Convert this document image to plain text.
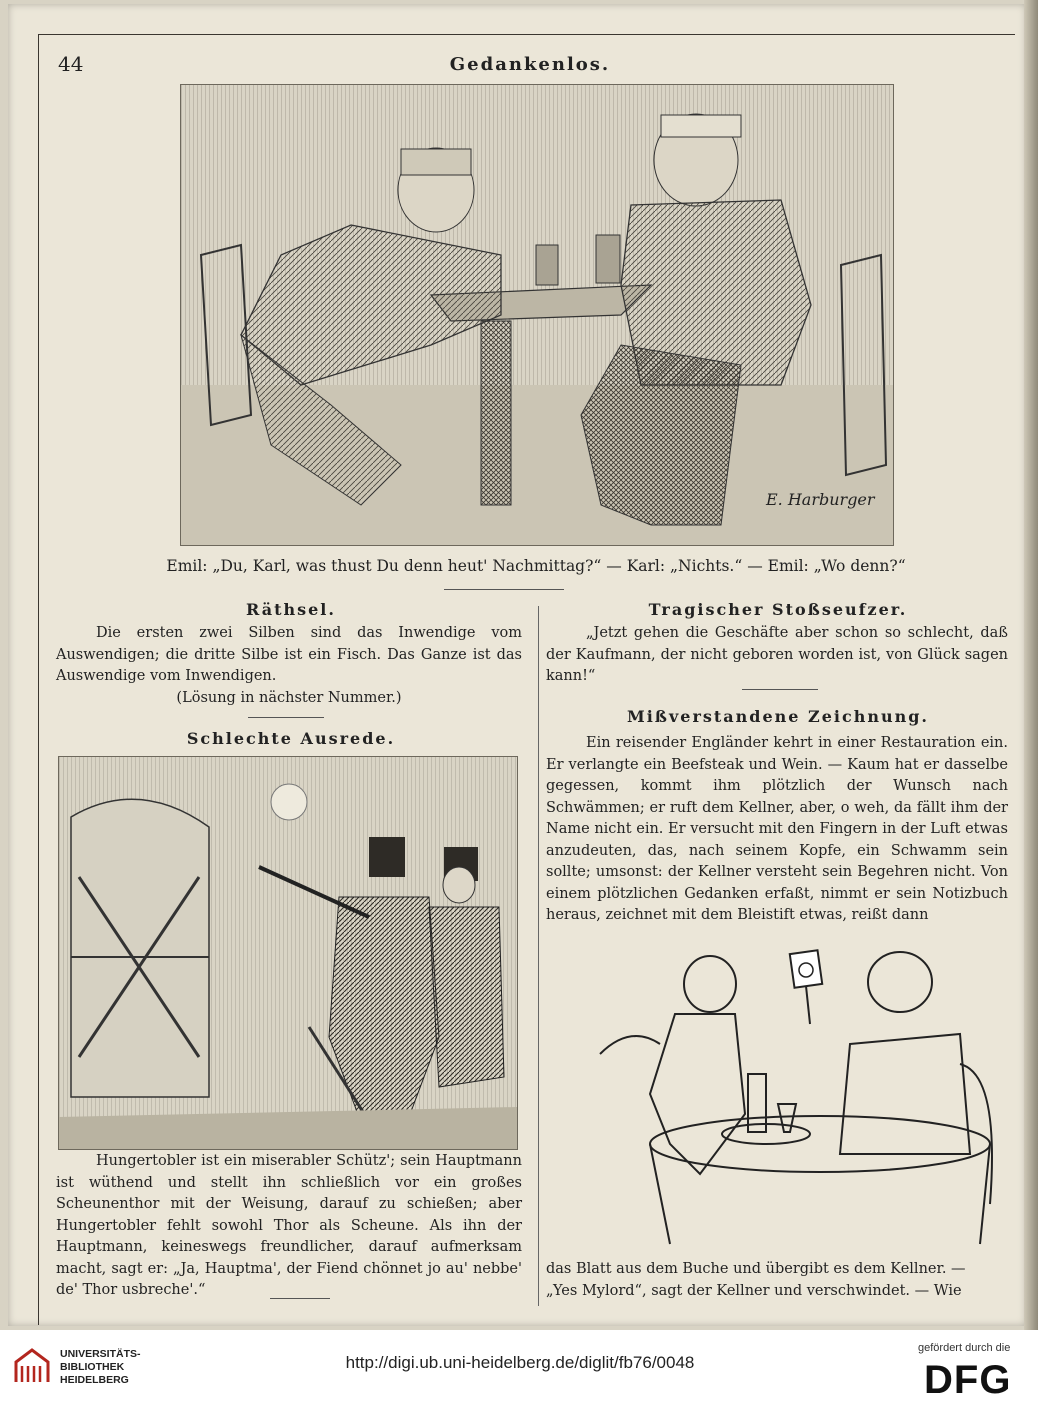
44	Gedankenlos.
E. Harburger
Emil: „Du, Karl, was thust Du denn heut' Nachmittag?“ — Karl: „Nichts.“ — Emil: „Wo denn?“
Räthsel.
Die ersten zwei Silben sind das Inwendige vom Auswendigen; die dritte Silbe ist ein Fisch. Das Ganze ist das Auswendige vom Inwendigen.
(Lösung in nächster Nummer.)
Schlechte Ausrede.
Hungertobler ist ein miserabler Schütz'; sein Hauptmann ist wüthend und stellt ihn schließlich vor ein großes Scheunenthor mit der Weisung, darauf zu schießen; aber Hungertobler fehlt sowohl Thor als Scheune. Als ihn der Hauptmann, keineswegs freundlicher, darauf aufmerksam macht, sagt er: „Ja, Hauptma', der Fiend chönnet jo au' nebbe' de' Thor usbreche'.“
Tragischer Stoßseufzer.
„Jetzt gehen die Geschäfte aber schon so schlecht, daß der Kaufmann, der nicht geboren worden ist, von Glück sagen kann!“
Mißverstandene Zeichnung.
Ein reisender Engländer kehrt in einer Restauration ein. Er verlangte ein Beefsteak und Wein. — Kaum hat er dasselbe gegessen, kommt ihm plötzlich der Wunsch nach Schwämmen; er ruft dem Kellner, aber, o weh, da fällt ihm der Name nicht ein. Er versucht mit den Fingern in der Luft etwas anzudeuten, das, nach seinem Kopfe, ein Schwamm sein sollte; umsonst: der Kellner versteht sein Begehren nicht. Von einem plötzlichen Gedanken erfaßt, nimmt er sein Notizbuch heraus, zeichnet mit dem Bleistift etwas, reißt dann
das Blatt aus dem Buche und übergibt es dem Kellner. —
„Yes Mylord“, sagt der Kellner und verschwindet. — Wie
UNIVERSITÄTS-
BIBLIOTHEK
HEIDELBERG
http://digi.ub.uni-heidelberg.de/diglit/fb76/0048
gefördert durch die
DFG
